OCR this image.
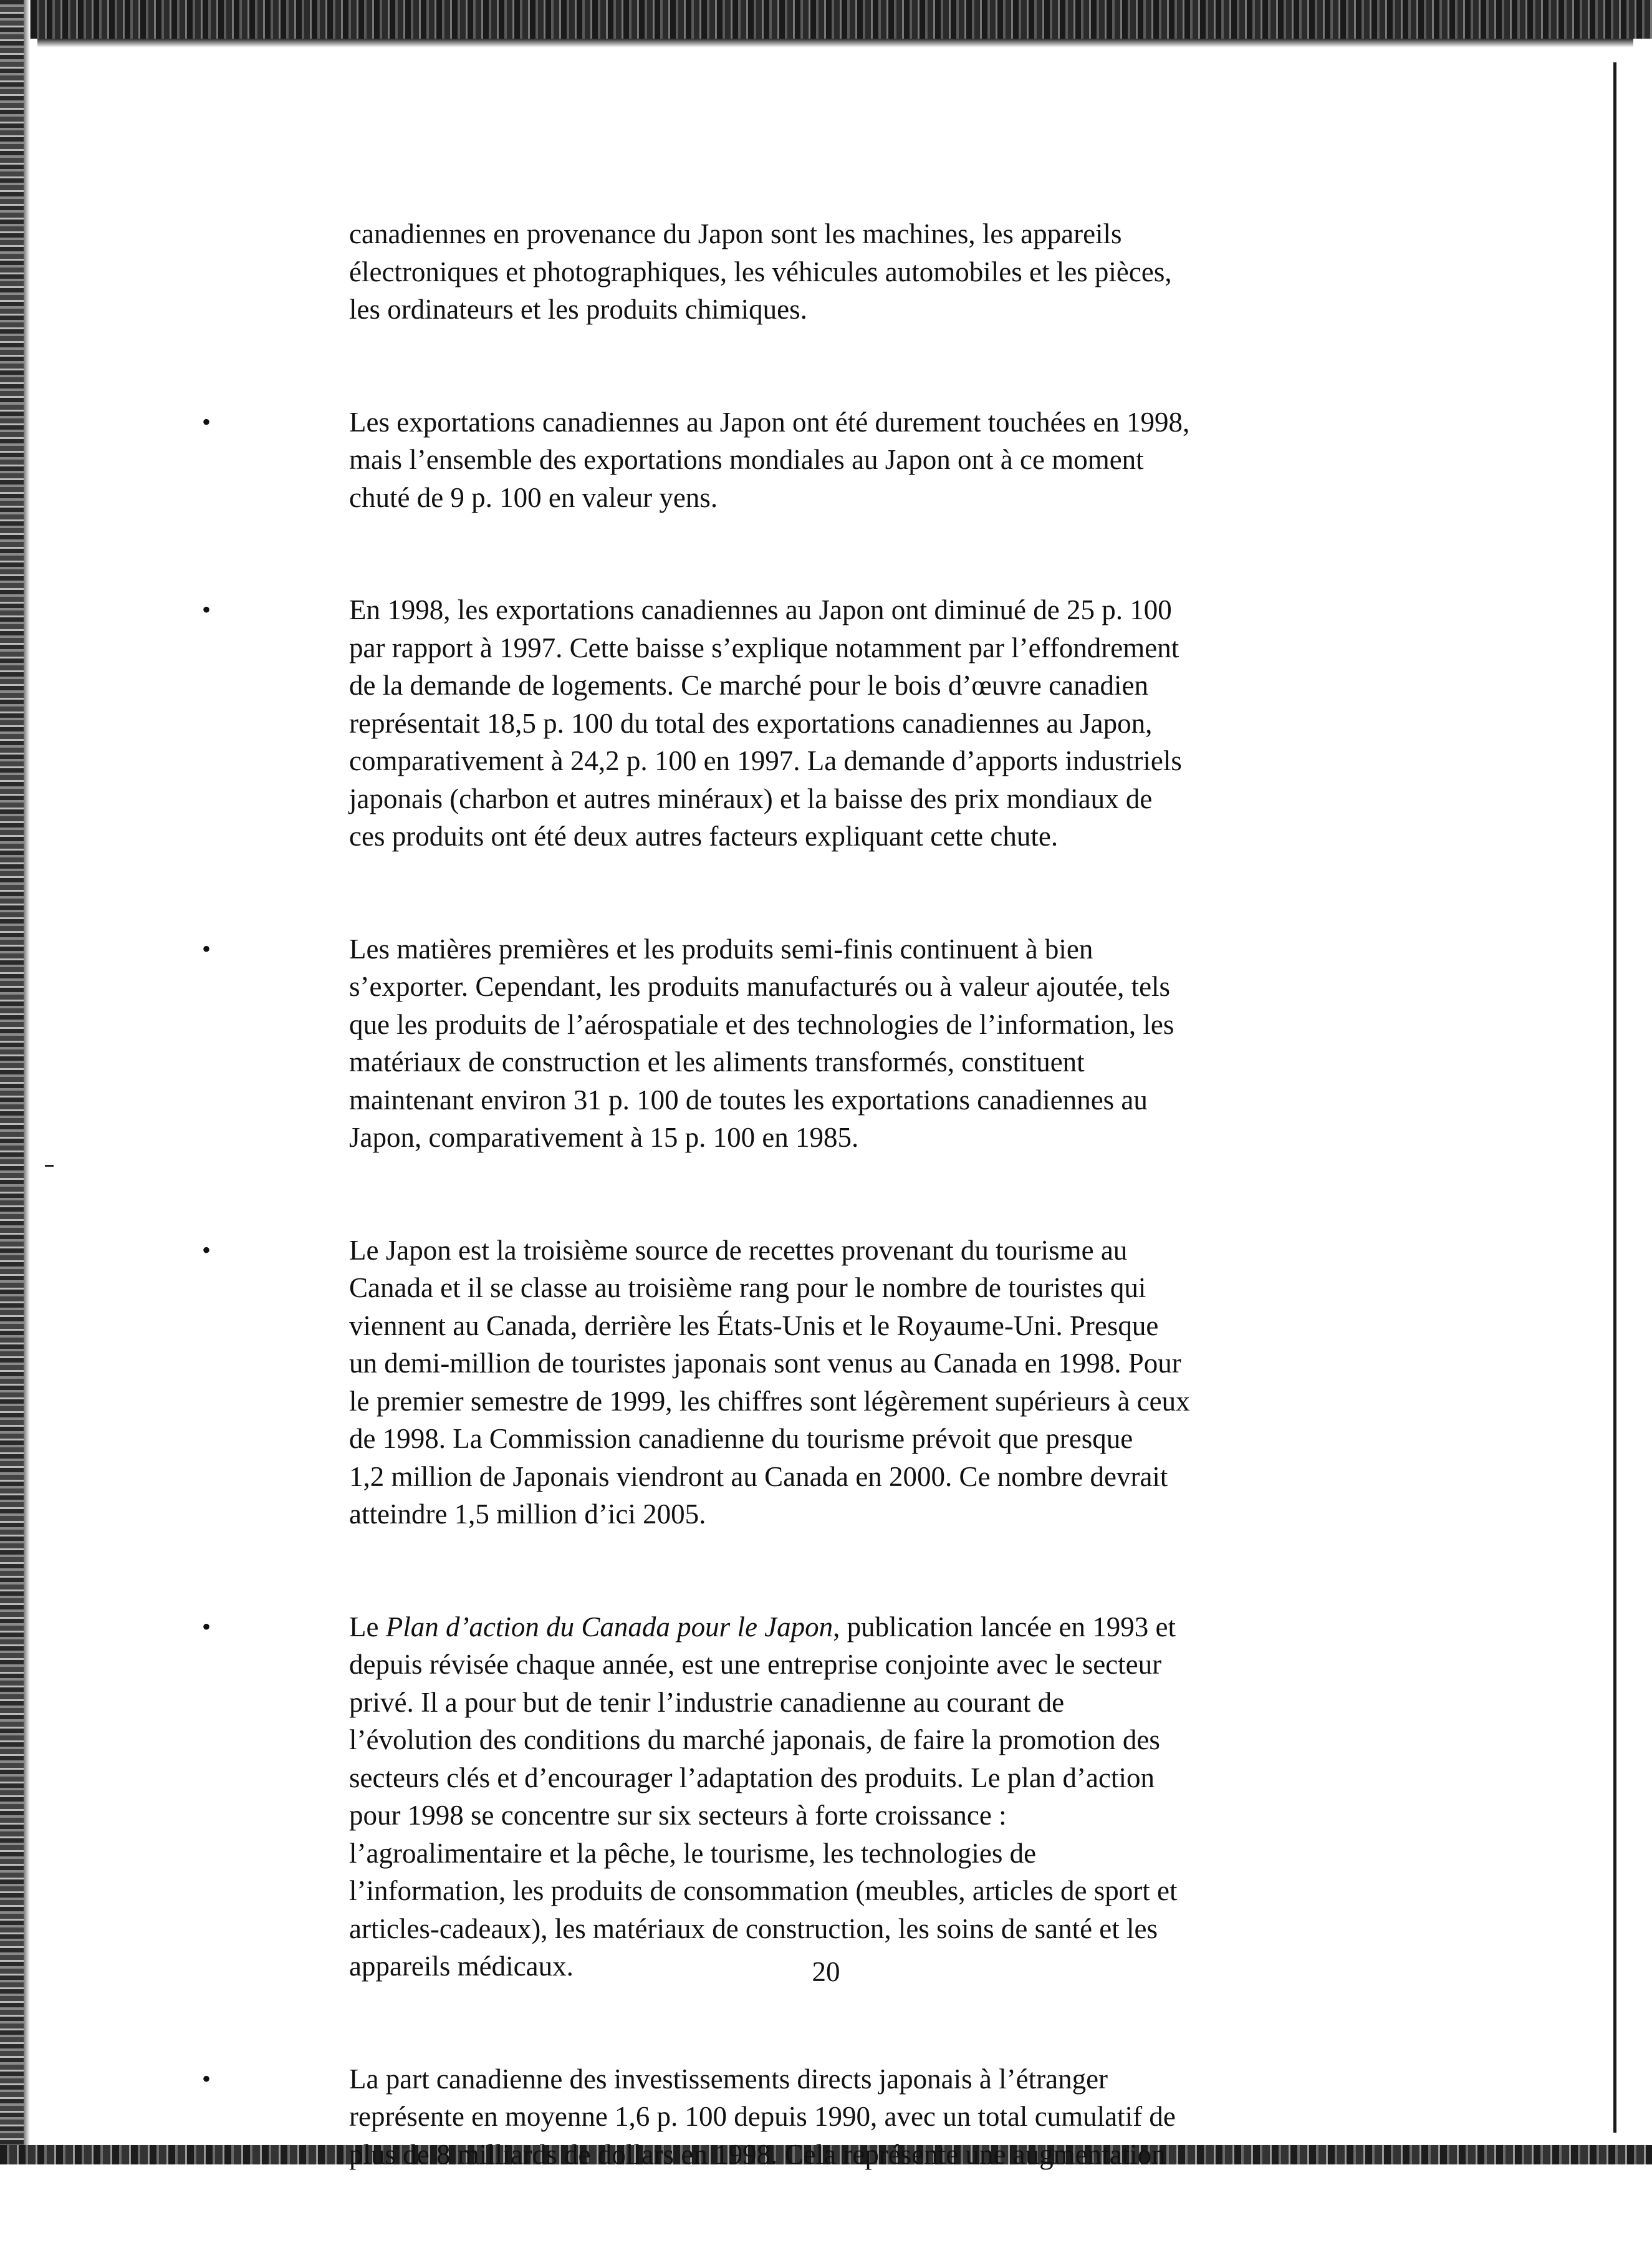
canadiennes en provenance du Japon sont les machines, les appareils
électroniques et photographiques, les véhicules automobiles et les pièces,
les ordinateurs et les produits chimiques.

•	Les exportations canadiennes au Japon ont été durement touchées en 1998,
mais l’ensemble des exportations mondiales au Japon ont à ce moment
chuté de 9 p. 100 en valeur yens.

•	En 1998, les exportations canadiennes au Japon ont diminué de 25 p. 100
par rapport à 1997. Cette baisse s’explique notamment par l’effondrement
de la demande de logements. Ce marché pour le bois d’œuvre canadien
représentait 18,5 p. 100 du total des exportations canadiennes au Japon,
comparativement à 24,2 p. 100 en 1997. La demande d’apports industriels
japonais (charbon et autres minéraux) et la baisse des prix mondiaux de
ces produits ont été deux autres facteurs expliquant cette chute.

•	Les matières premières et les produits semi-finis continuent à bien
s’exporter. Cependant, les produits manufacturés ou à valeur ajoutée, tels
que les produits de l’aérospatiale et des technologies de l’information, les
matériaux de construction et les aliments transformés, constituent
maintenant environ 31 p. 100 de toutes les exportations canadiennes au
Japon, comparativement à 15 p. 100 en 1985.

•	Le Japon est la troisième source de recettes provenant du tourisme au
Canada et il se classe au troisième rang pour le nombre de touristes qui
viennent au Canada, derrière les États-Unis et le Royaume-Uni. Presque
un demi-million de touristes japonais sont venus au Canada en 1998. Pour
le premier semestre de 1999, les chiffres sont légèrement supérieurs à ceux
de 1998. La Commission canadienne du tourisme prévoit que presque
1,2 million de Japonais viendront au Canada en 2000. Ce nombre devrait
atteindre 1,5 million d’ici 2005.

•	Le Plan d’action du Canada pour le Japon, publication lancée en 1993 et
depuis révisée chaque année, est une entreprise conjointe avec le secteur
privé. Il a pour but de tenir l’industrie canadienne au courant de
l’évolution des conditions du marché japonais, de faire la promotion des
secteurs clés et d’encourager l’adaptation des produits. Le plan d’action
pour 1998 se concentre sur six secteurs à forte croissance :
l’agroalimentaire et la pêche, le tourisme, les technologies de
l’information, les produits de consommation (meubles, articles de sport et
articles-cadeaux), les matériaux de construction, les soins de santé et les
appareils médicaux.

•	La part canadienne des investissements directs japonais à l’étranger
représente en moyenne 1,6 p. 100 depuis 1990, avec un total cumulatif de
plus de 8 milliards de dollars en 1998. Cela représente une augmentation

20
